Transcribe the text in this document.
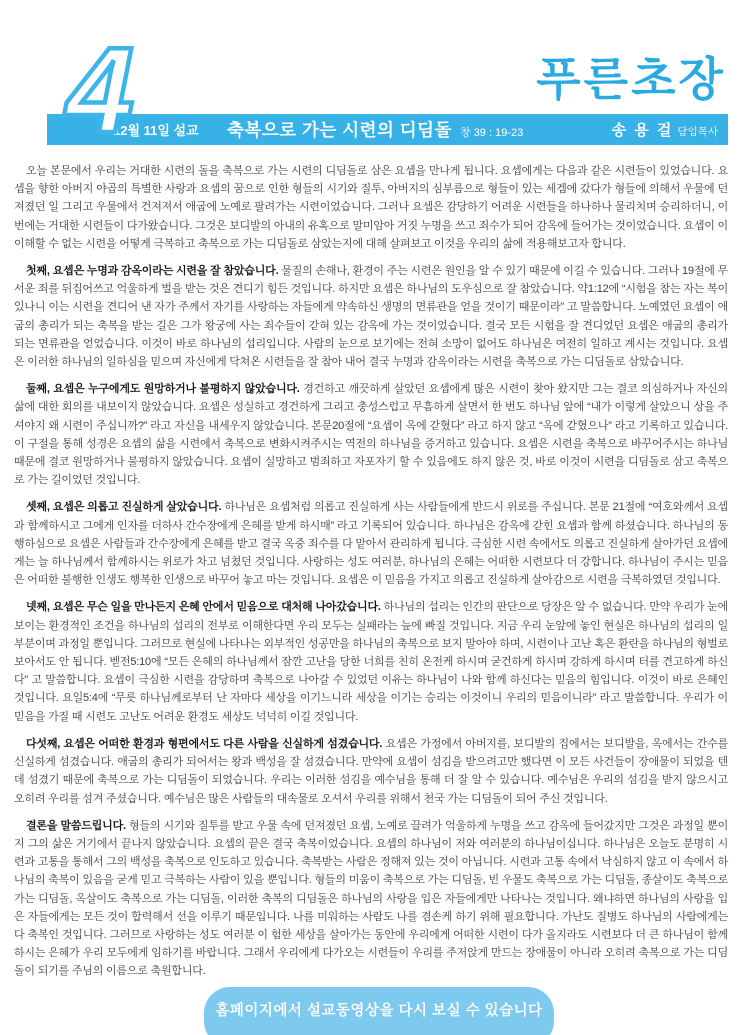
4	푸른초장
12월 11일 설교 축복으로 가는 시련의 디딤돌 창 39 : 19-23	송 용 걸 담임목사

오늘 본문에서 우리는 거대한 시련의 돌을 축복으로 가는 시련의 디딤돌로 삼은 요셉을 만나게 됩니다. 요셉에게는 다음과 같은 시련들이 있었습니다. 요셉을 향한 아버지 야곱의 특별한 사랑과 요셉의 꿈으로 인한 형들의 시기와 질투, 아버지의 심부름으로 형들이 있는 세겜에 갔다가 형들에 의해서 우물에 던져졌던 일 그리고 우물에서 건져져서 애굽에 노예로 팔려가는 시련이었습니다. 그러나 요셉은 감당하기 어려운 시련들을 하나하나 물리치며 승리하더니, 이번에는 거대한 시련들이 다가왔습니다. 그것은 보디발의 아내의 유혹으로 말미암아 거짓 누명을 쓰고 죄수가 되어 감옥에 들어가는 것이었습니다. 요셉이 이 이해할 수 없는 시련을 어떻게 극복하고 축복으로 가는 디딤돌로 삼았는지에 대해 살펴보고 이것을 우리의 삶에 적용해보고자 합니다.

첫째, 요셉은 누명과 감옥이라는 시련을 잘 참았습니다. 물질의 손해나, 환경이 주는 시련은 원인을 알 수 있기 때문에 이길 수 있습니다. 그러나 19절에 무서운 죄를 뒤집어쓰고 억울하게 벌을 받는 것은 견디기 힘든 것입니다. 하지만 요셉은 하나님의 도우심으로 잘 참았습니다. 약1:12에 “시험을 참는 자는 복이 있나니 이는 시련을 견디어 낸 자가 주께서 자기를 사랑하는 자들에게 약속하신 생명의 면류관을 얻을 것이기 때문이라” 고 말씀합니다. 노예였던 요셉이 애굽의 총리가 되는 축복을 받는 길은 그가 왕궁에 사는 죄수들이 갇혀 있는 감옥에 가는 것이었습니다. 결국 모든 시험을 잘 견디었던 요셉은 애굽의 총리가 되는 면류관을 얻었습니다. 이것이 바로 하나님의 섭리입니다. 사람의 눈으로 보기에는 전혀 소망이 없어도 하나님은 여전히 일하고 계시는 것입니다. 요셉은 이러한 하나님의 일하심을 믿으며 자신에게 닥쳐온 시련들을 잘 참아 내어 결국 누명과 감옥이라는 시련을 축복으로 가는 디딤돌로 삼았습니다.

둘째, 요셉은 누구에게도 원망하거나 불평하지 않았습니다. 경건하고 깨끗하게 살았던 요셉에게 많은 시련이 찾아 왔지만 그는 결코 의심하거나 자신의 삶에 대한 회의를 내보이지 않았습니다. 요셉은 성실하고 경건하게 그리고 충성스럽고 무흠하게 살면서 한 번도 하나님 앞에 “내가 이렇게 살았으니 상을 주셔야지 왜 시련이 주십니까?” 라고 자신을 내세우지 않았습니다. 본문20절에 “요셉이 옥에 갇혔다” 라고 하지 않고 “옥에 갇혔으나” 라고 기록하고 있습니다. 이 구절을 통해 성경은 요셉의 삶을 시련에서 축복으로 변화시켜주시는 역전의 하나님을 증거하고 있습니다. 요셉은 시련을 축복으로 바꾸어주시는 하나님 때문에 결코 원망하거나 불평하지 않았습니다. 요셉이 실망하고 범죄하고 자포자기 할 수 있음에도 하지 않은 것, 바로 이것이 시련을 디딤돌로 삼고 축복으로 가는 길이었던 것입니다.

셋째, 요셉은 의롭고 진실하게 살았습니다. 하나님은 요셉처럼 의롭고 진실하게 사는 사람들에게 반드시 위로를 주십니다. 본문 21절에 “여호와께서 요셉과 함께하시고 그에게 인자를 더하사 간수장에게 은혜를 받게 하시매” 라고 기록되어 있습니다. 하나님은 감옥에 갇힌 요셉과 함께 하셨습니다. 하나님의 동행하심으로 요셉은 사람들과 간수장에게 은혜를 받고 결국 옥중 죄수를 다 맡아서 관리하게 됩니다. 극심한 시련 속에서도 의롭고 진실하게 살아가던 요셉에게는 늘 하나님께서 함께하시는 위로가 차고 넘쳤던 것입니다. 사랑하는 성도 여러분, 하나님의 은혜는 어떠한 시련보다 더 강합니다. 하나님이 주시는 믿음은 어떠한 불행한 인생도 행복한 인생으로 바꾸어 놓고 마는 것입니다. 요셉은 이 믿음을 가지고 의롭고 진실하게 살아감으로 시련을 극복하였던 것입니다.

넷째, 요셉은 무슨 일을 만나든지 은혜 안에서 믿음으로 대처해 나아갔습니다. 하나님의 섭리는 인간의 판단으로 당장은 알 수 없습니다. 만약 우리가 눈에 보이는 환경적인 조건을 하나님의 섭리의 전부로 이해한다면 우리 모두는 실패라는 늪에 빠질 것입니다. 지금 우리 눈앞에 놓인 현실은 하나님의 섭리의 일부분이며 과정일 뿐입니다. 그러므로 현실에 나타나는 외부적인 성공만을 하나님의 축복으로 보지 말아야 하며, 시련이나 고난 혹은 환란을 하나님의 형벌로 보아서도 안 됩니다. 벧전5:10에 “모든 은혜의 하나님께서 잠깐 고난을 당한 너희를 친히 온전케 하시며 굳건하게 하시며 강하게 하시며 터를 견고하게 하신다” 고 말씀합니다. 요셉이 극심한 시련을 감당하며 축복으로 나아갈 수 있었던 이유는 하나님이 나와 함께 하신다는 믿음의 힘입니다. 이것이 바로 은혜인 것입니다. 요일5:4에 “무릇 하나님께로부터 난 자마다 세상을 이기느니라 세상을 이기는 승리는 이것이니 우리의 믿음이니라” 라고 말씀합니다. 우리가 이 믿음을 가질 때 시련도 고난도 어려운 환경도 세상도 넉넉히 이길 것입니다.

다섯째, 요셉은 어떠한 환경과 형편에서도 다른 사람을 신실하게 섬겼습니다. 요셉은 가정에서 아버지를, 보디발의 집에서는 보디발을, 옥에서는 간수를 신실하게 섬겼습니다. 애굽의 총리가 되어서는 왕과 백성을 잘 섬겼습니다. 만약에 요셉이 섬김을 받으려고만 했다면 이 모든 사건들이 장애물이 되었을 텐데 섬겼기 때문에 축복으로 가는 디딤돌이 되었습니다. 우리는 이러한 섬김을 예수님을 통해 더 잘 알 수 있습니다. 예수님은 우리의 섬김을 받지 않으시고 오히려 우리를 섬겨 주셨습니다. 예수님은 많은 사람들의 대속물로 오셔서 우리를 위해서 천국 가는 디딤돌이 되어 주신 것입니다.

결론을 말씀드립니다. 형들의 시기와 질투를 받고 우물 속에 던져졌던 요셉, 노예로 끌려가 억울하게 누명을 쓰고 감옥에 들어갔지만 그것은 과정일 뿐이지 그의 삶은 거기에서 끝나지 않았습니다. 요셉의 끝은 결국 축복이었습니다. 요셉의 하나님이 저와 여러분의 하나님이십니다. 하나님은 오늘도 분명히 시련과 고통을 통해서 그의 백성을 축복으로 인도하고 있습니다. 축복받는 사람은 정해져 있는 것이 아닙니다. 시련과 고통 속에서 낙심하지 않고 이 속에서 하나님의 축복이 있음을 굳게 믿고 극복하는 사람이 있을 뿐입니다. 형들의 미움이 축복으로 가는 디딤돌, 빈 우물도 축복으로 가는 디딤돌, 종살이도 축복으로 가는 디딤돌, 옥살이도 축복으로 가는 디딤돌, 이러한 축복의 디딤돌은 하나님의 사랑을 입은 자들에게만 나타나는 것입니다. 왜냐하면 하나님의 사랑을 입은 자들에게는 모든 것이 합력해서 선을 이루기 때문입니다. 나를 미워하는 사람도 나를 겸손케 하기 위해 필요합니다. 가난도 질병도 하나님의 사람에게는 다 축복인 것입니다. 그러므로 사랑하는 성도 여러분 이 험한 세상을 살아가는 동안에 우리에게 어떠한 시련이 다가 올지라도 시련보다 더 큰 하나님이 함께 하시는 은혜가 우리 모두에게 임하기를 바랍니다. 그래서 우리에게 다가오는 시련들이 우리를 주저앉게 만드는 장애물이 아니라 오히려 축복으로 가는 디딤돌이 되기를 주님의 이름으로 축원합니다.

홈페이지에서 설교동영상을 다시 보실 수 있습니다
